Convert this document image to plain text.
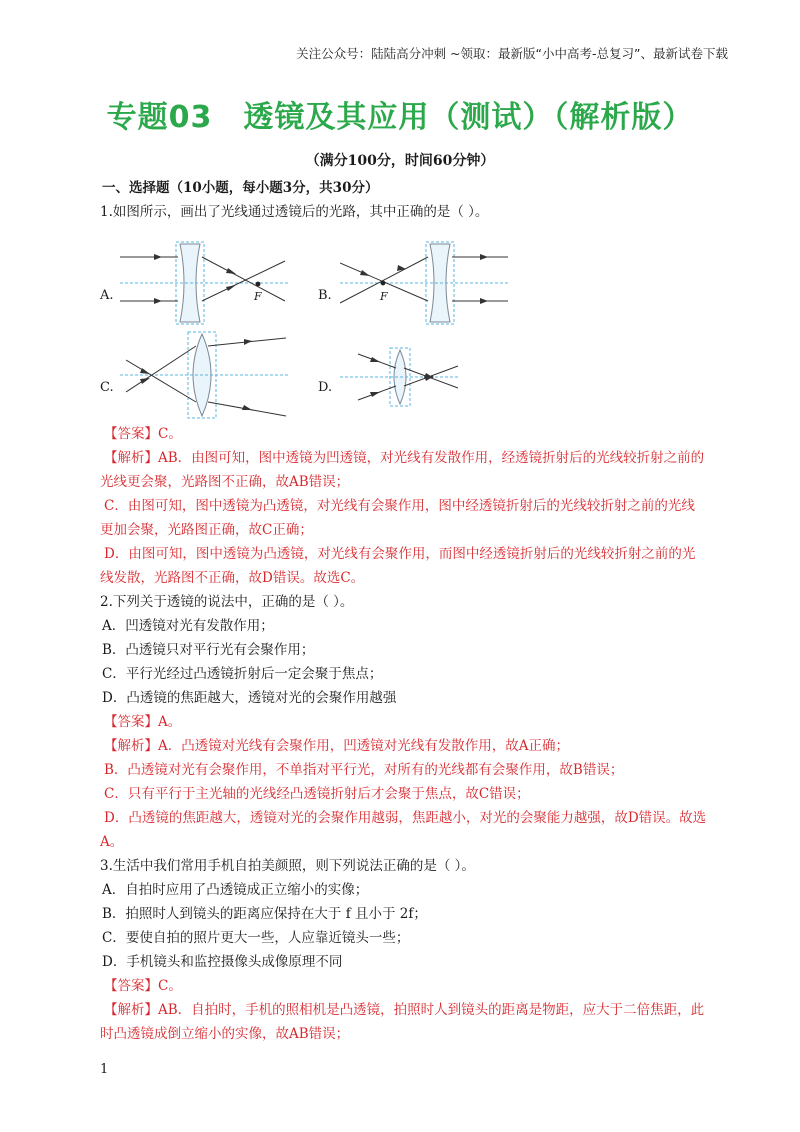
关注公众号：陆陆高分冲刺 ~领取：最新版“小中高考-总复习”、最新试卷下载
专题03　透镜及其应用（测试）（解析版）
（满分100分，时间60分钟）
一、选择题（10小题，每小题3分，共30分）
1.如图所示，画出了光线通过透镜后的光路，其中正确的是（ ）。
A.	F	B.	F
C.	D.
【答案】C。
【解析】AB．由图可知，图中透镜为凹透镜，对光线有发散作用，经透镜折射后的光线较折射之前的
光线更会聚，光路图不正确，故AB错误；
C．由图可知，图中透镜为凸透镜，对光线有会聚作用，图中经透镜折射后的光线较折射之前的光线
更加会聚，光路图正确，故C正确；
D．由图可知，图中透镜为凸透镜，对光线有会聚作用，而图中经透镜折射后的光线较折射之前的光
线发散，光路图不正确，故D错误。故选C。
2.下列关于透镜的说法中，正确的是（ ）。
A．凹透镜对光有发散作用；
B．凸透镜只对平行光有会聚作用；
C．平行光经过凸透镜折射后一定会聚于焦点；
D．凸透镜的焦距越大，透镜对光的会聚作用越强
【答案】A。
【解析】A．凸透镜对光线有会聚作用，凹透镜对光线有发散作用，故A正确；
B．凸透镜对光有会聚作用，不单指对平行光，对所有的光线都有会聚作用，故B错误；
C．只有平行于主光轴的光线经凸透镜折射后才会聚于焦点，故C错误；
D．凸透镜的焦距越大，透镜对光的会聚作用越弱，焦距越小，对光的会聚能力越强，故D错误。故选
A。
3.生活中我们常用手机自拍美颜照，则下列说法正确的是（ ）。
A．自拍时应用了凸透镜成正立缩小的实像；
B．拍照时人到镜头的距离应保持在大于 f 且小于 2f；
C．要使自拍的照片更大一些，人应靠近镜头一些；
D．手机镜头和监控摄像头成像原理不同
【答案】C。
【解析】AB．自拍时，手机的照相机是凸透镜，拍照时人到镜头的距离是物距，应大于二倍焦距，此
时凸透镜成倒立缩小的实像，故AB错误；
1
